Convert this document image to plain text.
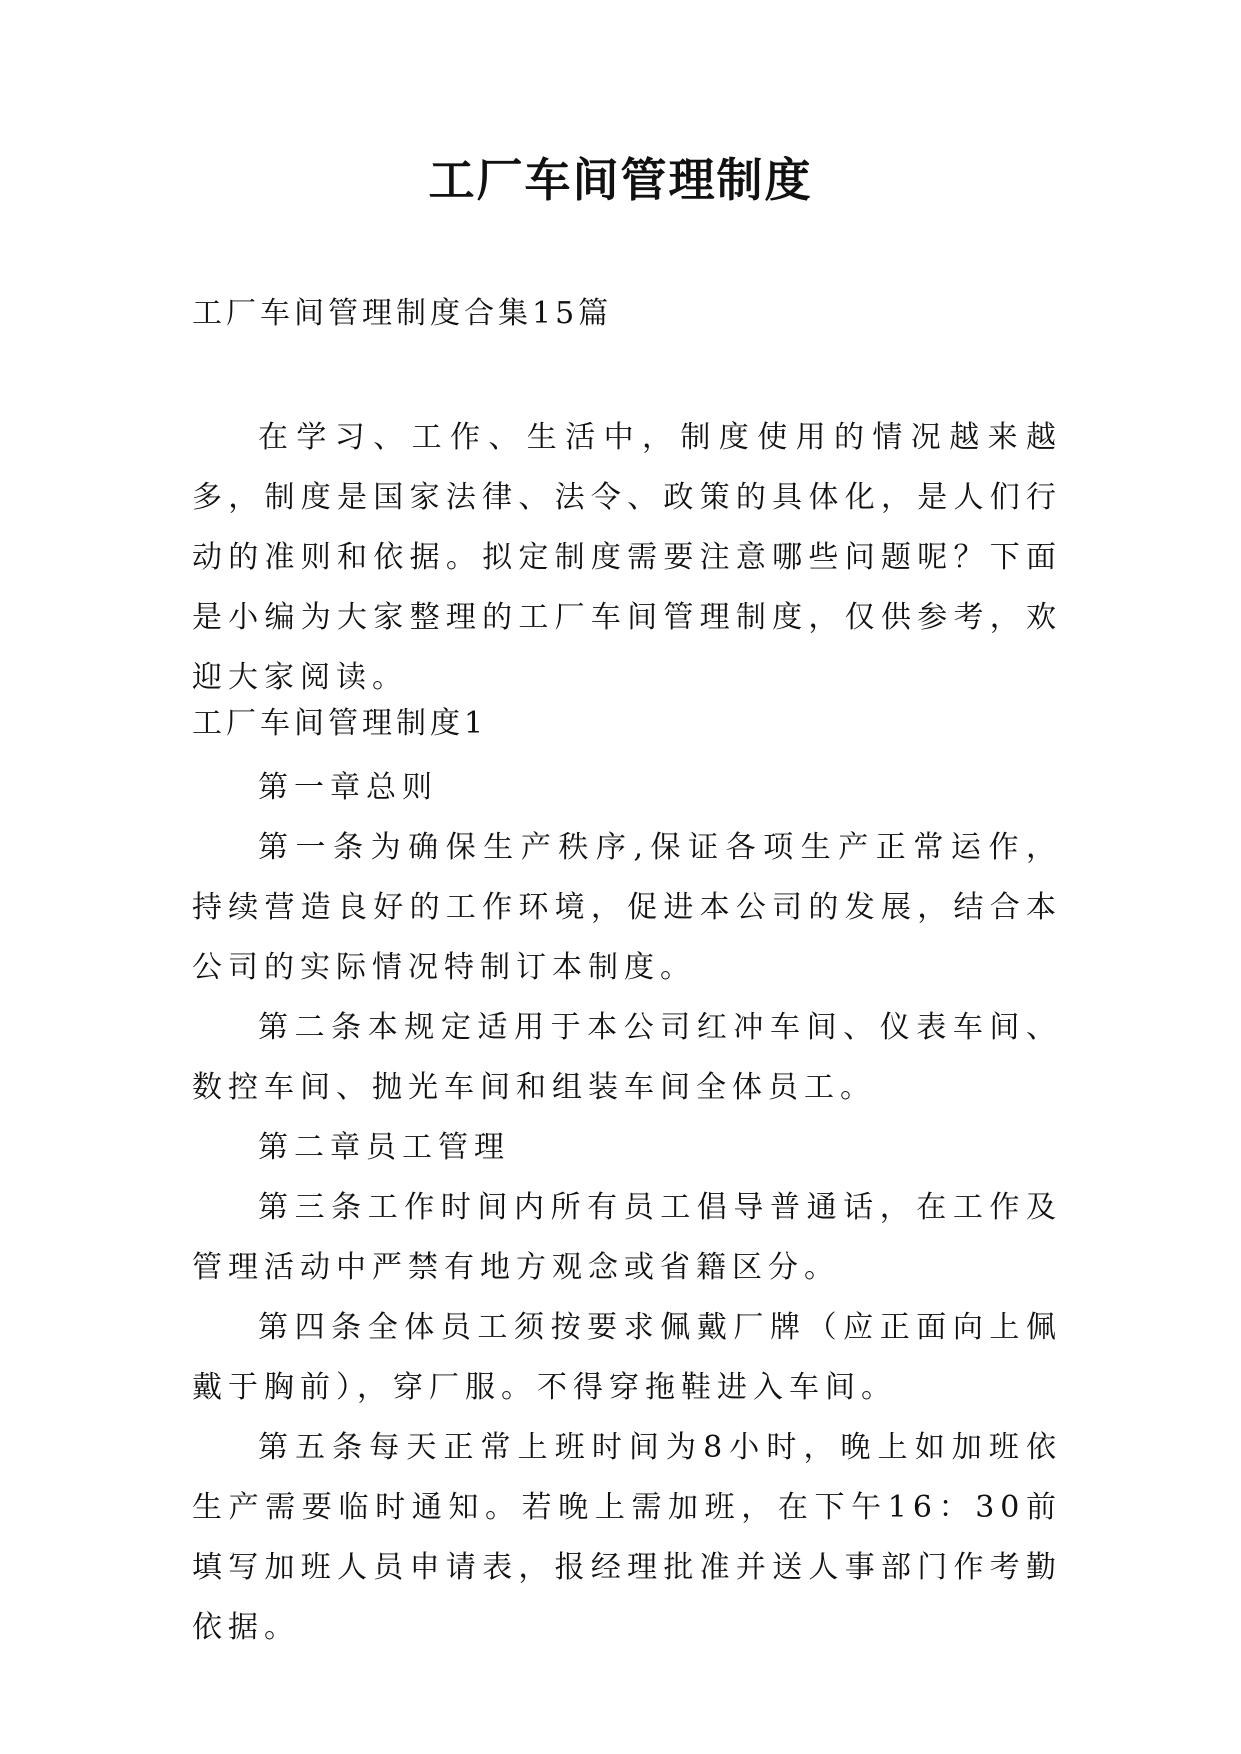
工厂车间管理制度

工厂车间管理制度合集15篇

在学习、工作、生活中，制度使用的情况越来越多，制度是国家法律、法令、政策的具体化，是人们行动的准则和依据。拟定制度需要注意哪些问题呢？下面是小编为大家整理的工厂车间管理制度，仅供参考，欢迎大家阅读。

工厂车间管理制度1

第一章总则

第一条为确保生产秩序,保证各项生产正常运作，持续营造良好的工作环境，促进本公司的发展，结合本公司的实际情况特制订本制度。

第二条本规定适用于本公司红冲车间、仪表车间、数控车间、抛光车间和组装车间全体员工。

第二章员工管理

第三条工作时间内所有员工倡导普通话，在工作及管理活动中严禁有地方观念或省籍区分。

第四条全体员工须按要求佩戴厂牌（应正面向上佩戴于胸前），穿厂服。不得穿拖鞋进入车间。

第五条每天正常上班时间为8小时，晚上如加班依生产需要临时通知。若晚上需加班，在下午16：30前填写加班人员申请表，报经理批准并送人事部门作考勤依据。
